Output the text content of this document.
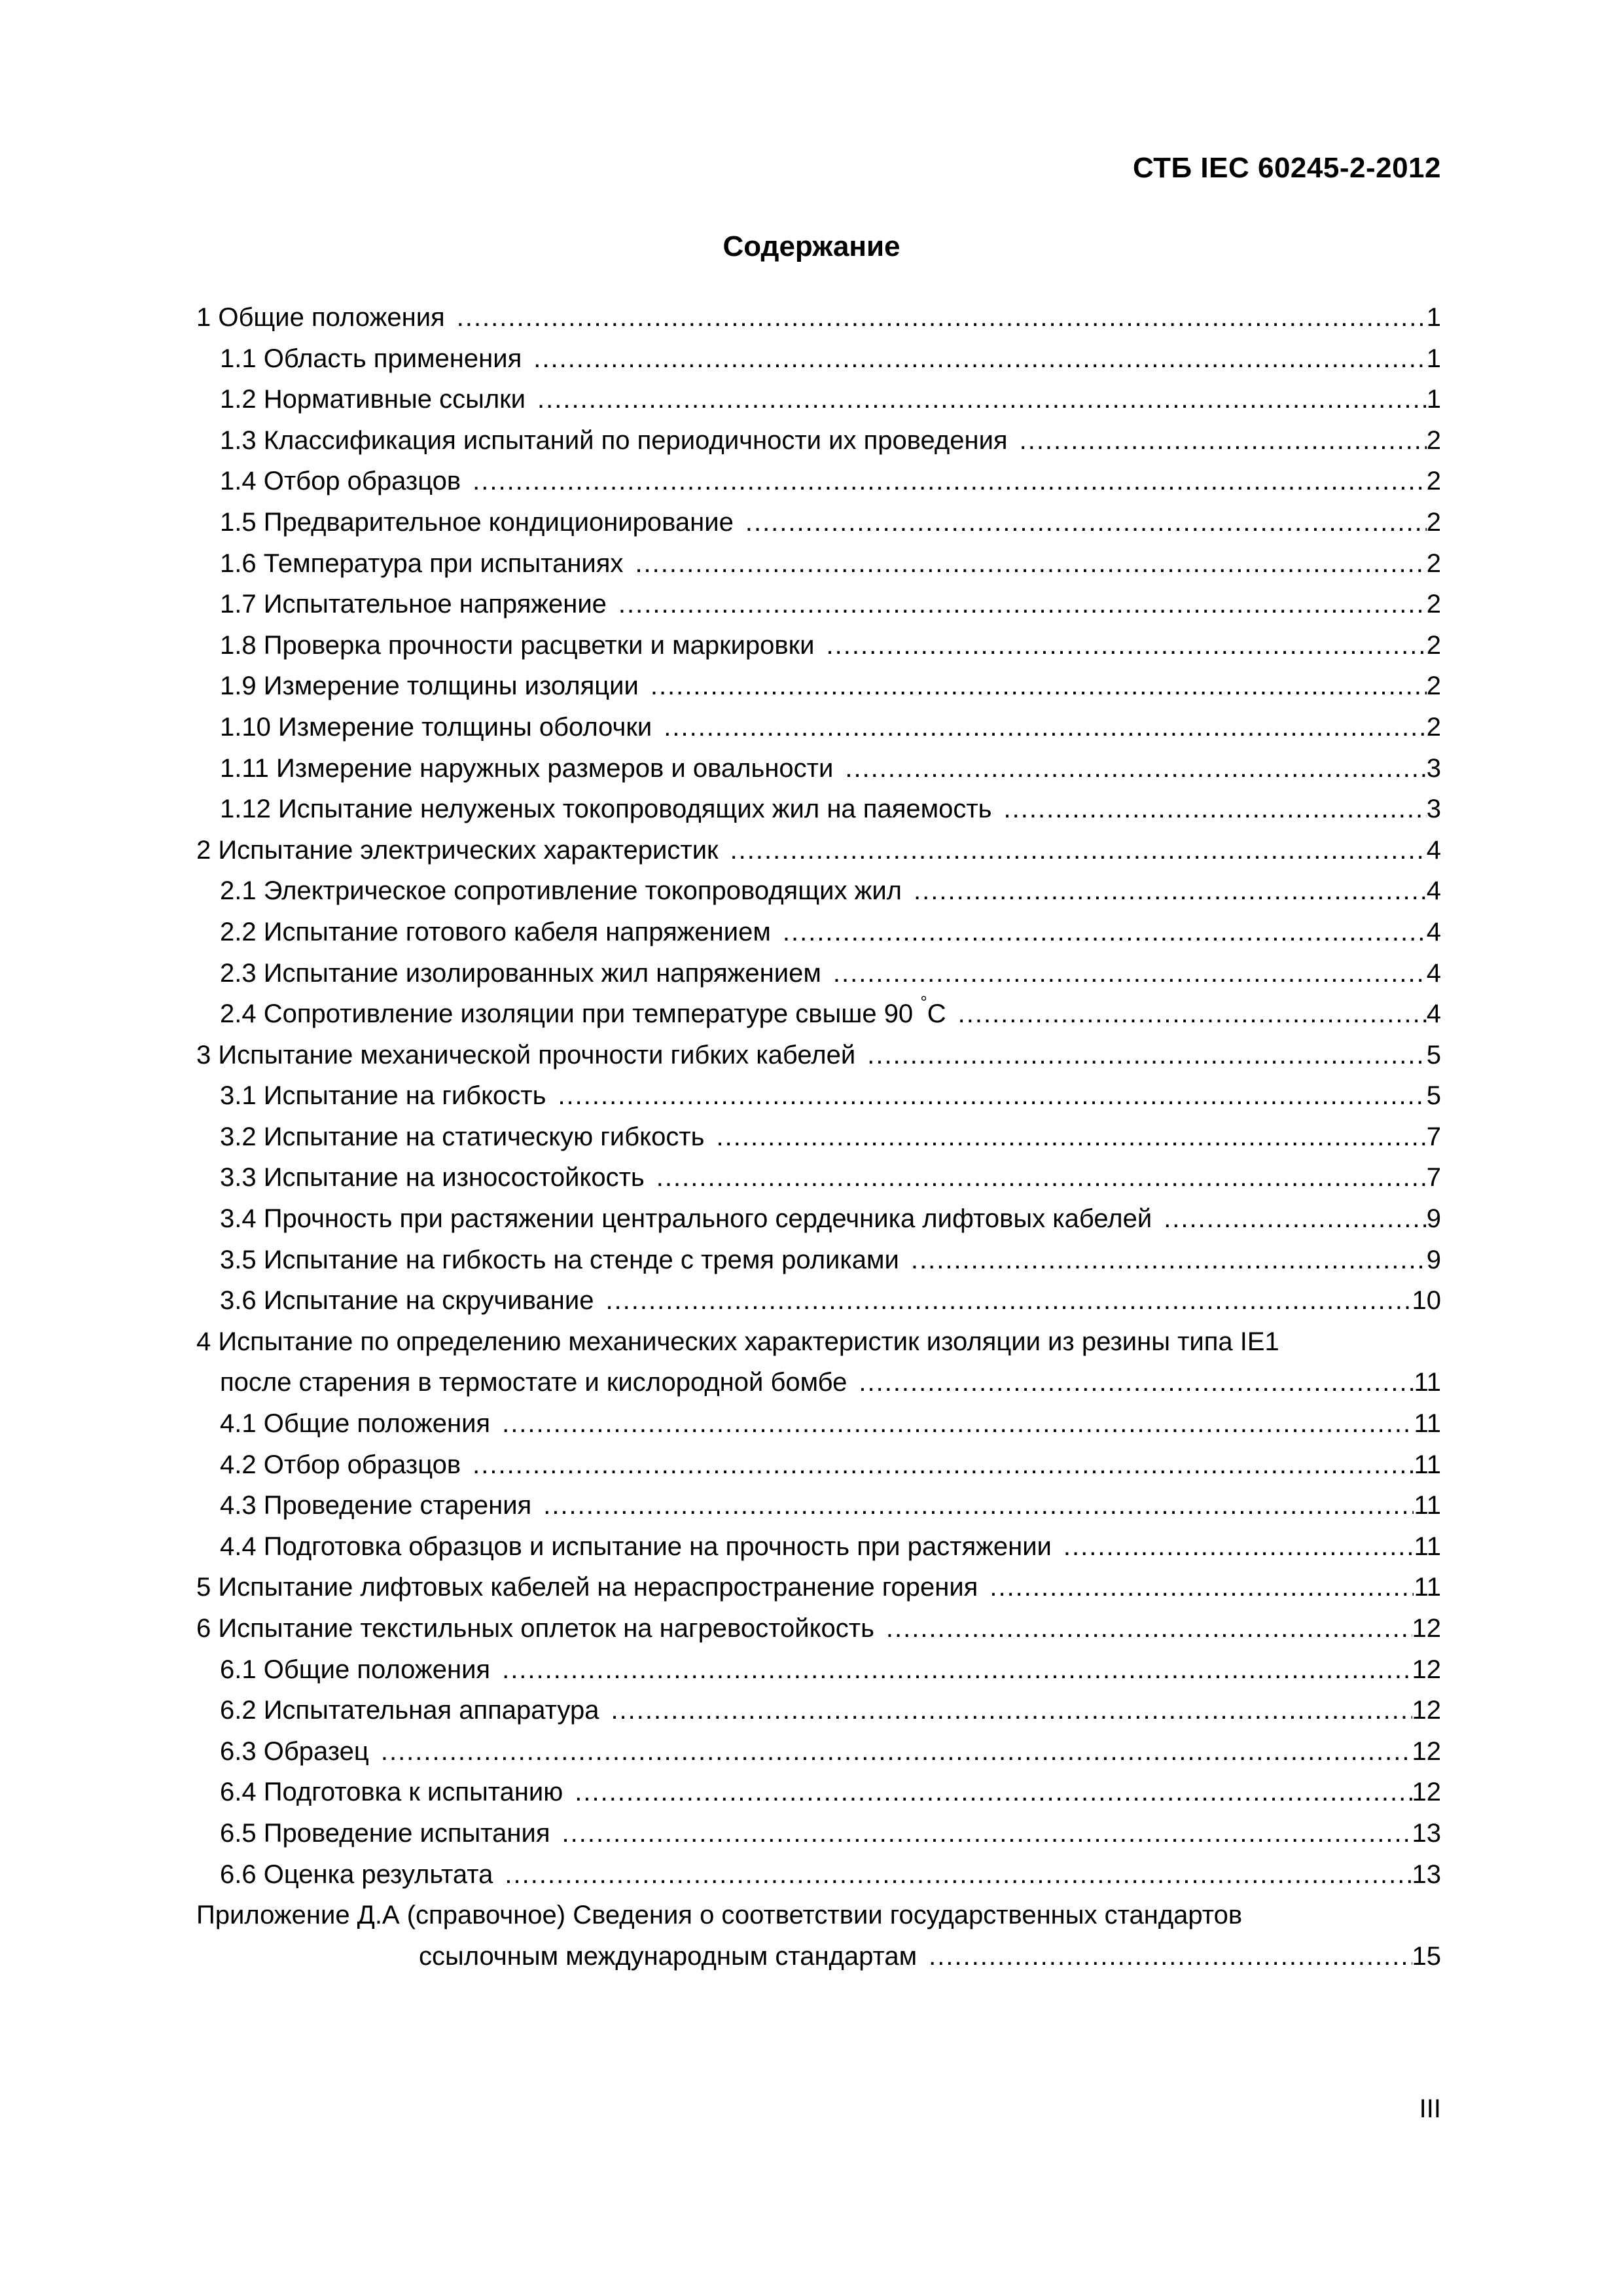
СТБ IEC 60245-2-2012
Содержание
1 Общие положения .....	1
1.1 Область применения .....	1
1.2 Нормативные ссылки .....	1
1.3 Классификация испытаний по периодичности их проведения .....	2
1.4 Отбор образцов .....	2
1.5 Предварительное кондиционирование .....	2
1.6 Температура при испытаниях .....	2
1.7 Испытательное напряжение .....	2
1.8 Проверка прочности расцветки и маркировки .....	2
1.9 Измерение толщины изоляции .....	2
1.10 Измерение толщины оболочки .....	2
1.11 Измерение наружных размеров и овальности .....	3
1.12 Испытание нелуженых токопроводящих жил на паяемость .....	3
2 Испытание электрических характеристик .....	4
2.1 Электрическое сопротивление токопроводящих жил .....	4
2.2 Испытание готового кабеля напряжением .....	4
2.3 Испытание изолированных жил напряжением .....	4
2.4 Сопротивление изоляции при температуре свыше 90 °C .....	4
3 Испытание механической прочности гибких кабелей .....	5
3.1 Испытание на гибкость .....	5
3.2 Испытание на статическую гибкость .....	7
3.3 Испытание на износостойкость .....	7
3.4 Прочность при растяжении центрального сердечника лифтовых кабелей .....	9
3.5 Испытание на гибкость на стенде с тремя роликами .....	9
3.6 Испытание на скручивание .....	10
4 Испытание по определению механических характеристик изоляции из резины типа IE1
после старения в термостате и кислородной бомбе .....	11
4.1 Общие положения .....	11
4.2 Отбор образцов .....	11
4.3 Проведение старения .....	11
4.4 Подготовка образцов и испытание на прочность при растяжении .....	11
5 Испытание лифтовых кабелей на нераспространение горения .....	11
6 Испытание текстильных оплеток на нагревостойкость .....	12
6.1 Общие положения .....	12
6.2 Испытательная аппаратура .....	12
6.3 Образец .....	12
6.4 Подготовка к испытанию .....	12
6.5 Проведение испытания .....	13
6.6 Оценка результата .....	13
Приложение Д.А (справочное) Сведения о соответствии государственных стандартов
ссылочным международным стандартам .....	15
III
